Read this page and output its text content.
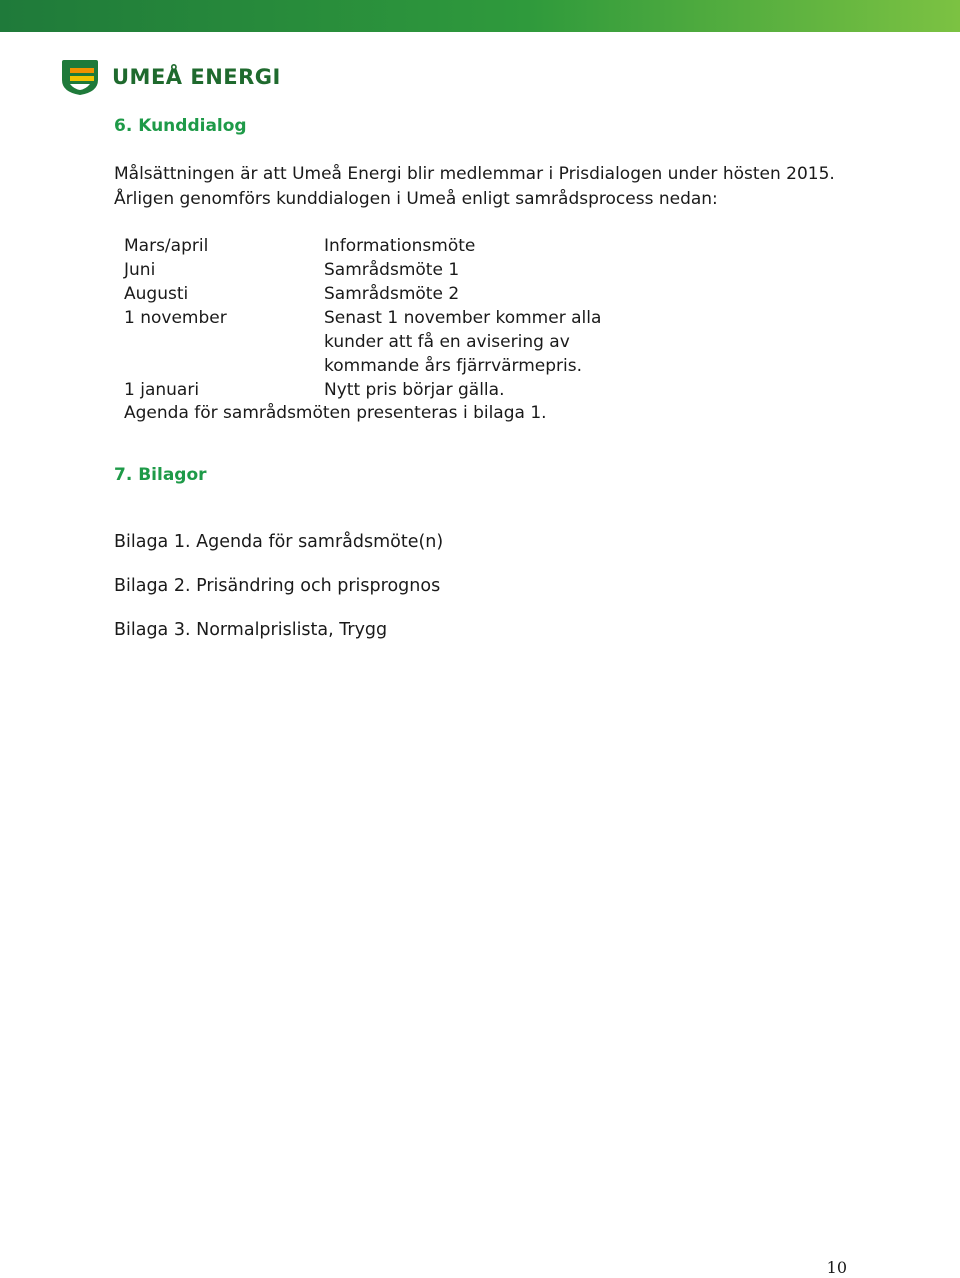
UMEÅ ENERGI
6. Kunddialog

Målsättningen är att Umeå Energi blir medlemmar i Prisdialogen under hösten 2015. Årligen genomförs kunddialogen i Umeå enligt samrådsprocess nedan:

Mars/april	Informationsmöte
Juni	Samrådsmöte 1
Augusti	Samrådsmöte 2
1 november	Senast 1 november kommer alla kunder att få en avisering av kommande års fjärrvärmepris.
1 januari	Nytt pris börjar gälla.
Agenda för samrådsmöten presenteras i bilaga 1.
7. Bilagor
Bilaga 1. Agenda för samrådsmöte(n)
Bilaga 2. Prisändring och prisprognos
Bilaga 3. Normalprislista, Trygg
10
